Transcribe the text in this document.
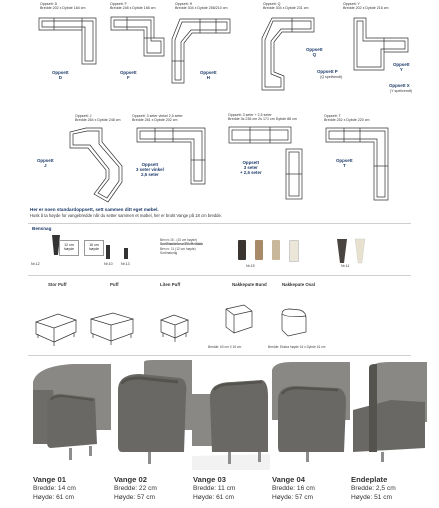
Oppsett: D
Bredde 202 x Dybde 184 cm
Oppsett
D
Oppsett: F
Bredde 248 x Dybde 166 cm
Oppsett
F
Oppsett: H
Bredde 304 x Dybde 258/210 cm
Oppsett
H
Oppsett: Q
Bredde 304 x Dybde 231 cm
Oppsett
Q
Oppsett P
(Q speilvendt)
Oppsett: Y
Bredde 202 x Dybde 216 cm
Oppsett
Y
Oppsett X
(Y speilvendt)
Oppsett: J
Bredde 264 x Dybde 248 cm
Oppsett
J
Oppsett: 3 seter vinkel 2,5 seter
Bredde 281 x Dybde 202 cm
Oppsett
3 seter vinkel
2,5 seter
Oppsett: 3 seter + 2,5 seter
Bredde 3s 236 cm 2s 171 cm Dybde 88 cm
Oppsett
3 seter
+ 2,5 seter
Oppsett: T
Bredde 252 x Dybde 220 cm
Oppsett
T
Her er noen standardoppsett, sett sammen ditt eget møbel.
Husk å ta høyde for vangebredde når du setter sammen et møbel, her er brukt Vange på 18 cm bredde.
Bensnag
Nr.12
12 cm
høyde
16 cm
høyde
Nr.10 Nr.13
Ben nr.15 - (10 cm høyde)
Sort/Nøddebrun/Eik/Hvitlakk
Ben nr. 11 (12 cm høyde)
Sort/naturlig
Nr.15	Nr.11
Stor Puff	Puff	Liten Puff	Nakkepute Bund
Bredde: 60 cm X 16 cm
Nakkepute Oval
Bredde: Ekstra høyde 16 x Dybde 16 cm
Vange 01
Bredde: 14 cm
Høyde: 61 cm
Vange 02
Bredde: 22 cm
Høyde: 57 cm
Vange 03
Bredde: 11 cm
Høyde: 61 cm
Vange 04
Bredde: 16 cm
Høyde: 57 cm
Endeplate
Bredde: 2,5 cm
Høyde: 51 cm
